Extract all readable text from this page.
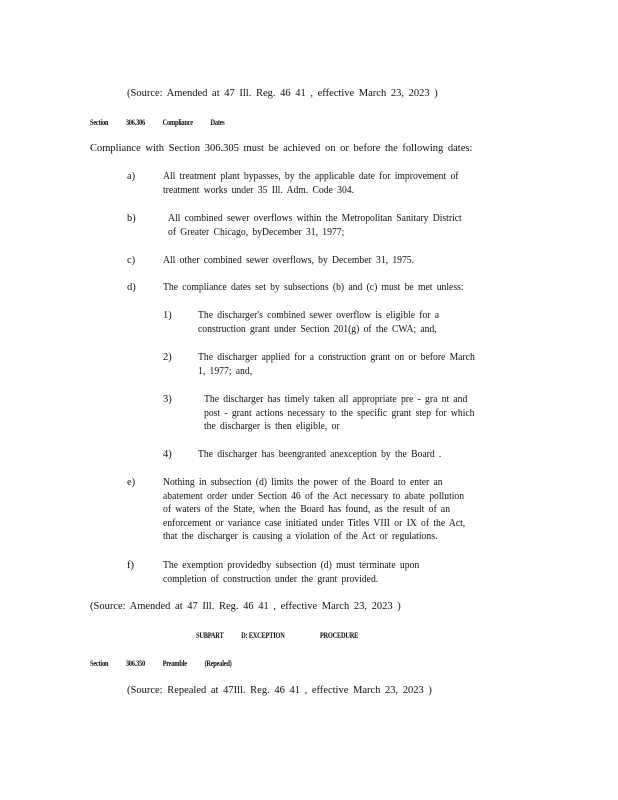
(Source: Amended at 47 Ill. Reg. 46 41 , effective March 23, 2023 )
Section 306.306 Compliance Dates
Compliance with Section 306.305 must be achieved on or before the following dates:
a)	All treatment plant bypasses, by the applicable date for improvement of
treatment works under 35 Ill. Adm. Code 304.
b)	All combined sewer overflows within the Metropolitan Sanitary District
of Greater Chicago, byDecember 31, 1977;
c)	All other combined sewer overflows, by December 31, 1975.
d)	The compliance dates set by subsections (b) and (c) must be met unless:
1)	The discharger's combined sewer overflow is eligible for a
construction grant under Section 201(g) of the CWA; and,
2)	The discharger applied for a construction grant on or before March
1, 1977; and,
3)	The discharger has timely taken all appropriate pre - gra nt and
post - grant actions necessary to the specific grant step for which
the discharger is then eligible, or
4)	The discharger has beengranted anexception by the Board .
e)	Nothing in subsection (d) limits the power of the Board to enter an
abatement order under Section 46 of the Act necessary to abate pollution
of waters of the State, when the Board has found, as the result of an
enforcement or variance case initiated under Titles VIII or IX of the Act,
that the discharger is causing a violation of the Act or regulations.
f)	The exemption providedby subsection (d) must terminate upon
completion of construction under the grant provided.
(Source: Amended at 47 Ill. Reg. 46 41 , effective March 23, 2023 )
SUBPART D: EXCEPTION	PROCEDURE
Section 306.350 Preamble (Repealed)
(Source: Repealed at 47Ill. Reg. 46 41 , effective March 23, 2023 )
